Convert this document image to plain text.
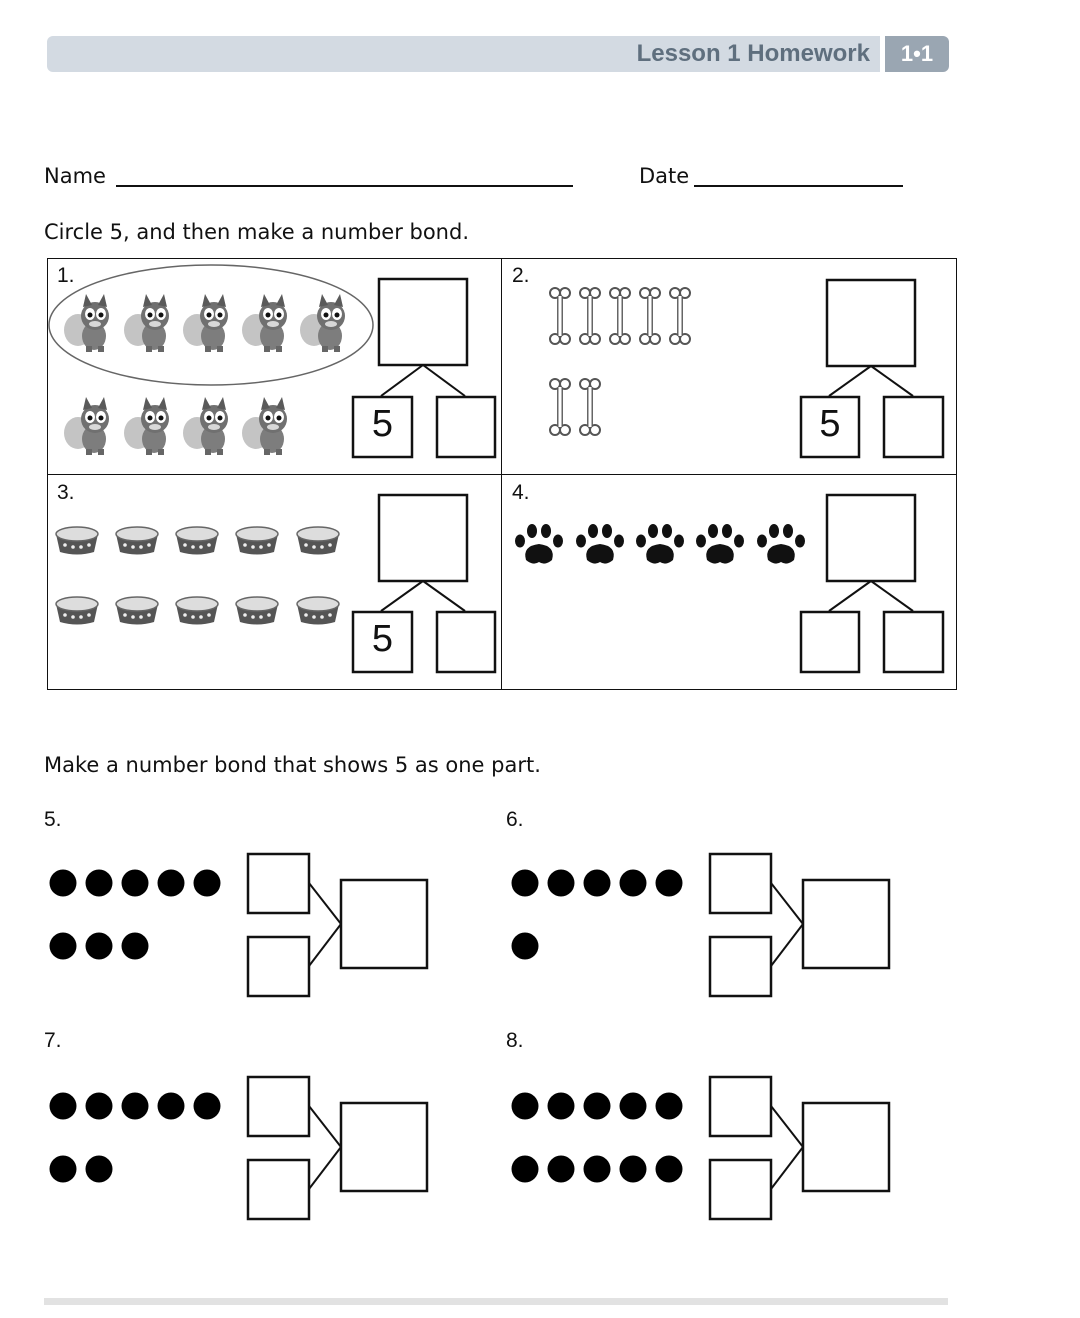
Lesson 1 Homework	1•1
Name	Date
Circle 5, and then make a number bond.
1.	2.
3.	4.
5	5
5
Make a number bond that shows 5 as one part.
5.	6.
7.	8.
